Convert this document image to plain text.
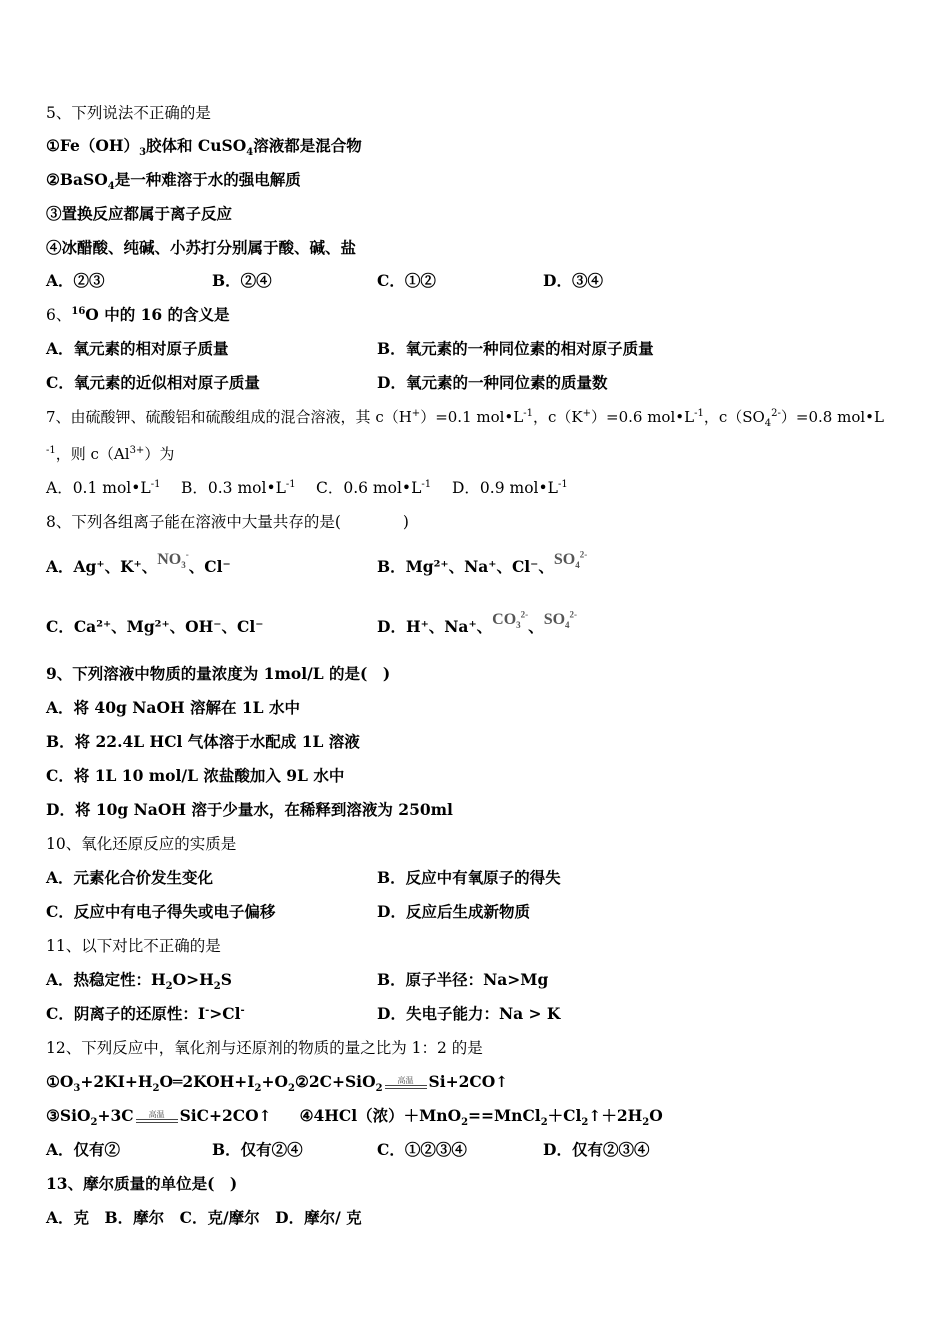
5、下列说法不正确的是
$①Fe(OH)_3$胶体和 CuSO$_4$溶液都是混合物
②BaSO$_4$是一种难溶于水的强电解质
③置换反应都属于离子反应
④冰醋酸、纯碱、小苏打分别属于酸、碱、盐
A．②③	B．②④	C．①②	D．③④
6、$^{16}$O 中的 16 的含义是
A．氧元素的相对原子质量	B．氧元素的一种同位素的相对原子质量
C．氧元素的近似相对原子质量	D．氧元素的一种同位素的质量数
7、由硫酸钾、硫酸铝和硫酸组成的混合溶液，其 c（H+）=0.1 $mol•L^{-1}$，c（K+）=0.6 $mol•L^{-1}$，$c(SO_4^{2-})=0.8$ mol•L
$^{-1}$，则 $c(Al^{3+})$为
A．0.1 $mol•L^{-1}$ B．0.3 $mol•L^{-1}$ C．0.6 $mol•L^{-1}$ D．0.9 $mol•L^{-1}$
8、下列各组离子能在溶液中大量共存的是(　　　　)
A．Ag⁺、K⁺、$NO_3^-$、Cl⁻	B．Mg²⁺、Na⁺、Cl⁻、$SO_4^{2-}$
C．Ca²⁺、Mg²⁺、OH⁻、Cl⁻	D．H⁺、Na⁺、$CO_3^{2-}$、$SO_4^{2-}$
9、下列溶液中物质的量浓度为 1mol/L 的是(　)
A．将 40g NaOH 溶解在 1L 水中
B．将 22.4L HCl 气体溶于水配成 1L 溶液
C．将 1L 10 mol/L 浓盐酸加入 9L 水中
D．将 10g NaOH 溶于少量水，在稀释到溶液为 250ml
10、氧化还原反应的实质是
A．元素化合价发生变化	B．反应中有氧原子的得失
C．反应中有电子得失或电子偏移	D．反应后生成新物质
11、以下对比不正确的是
A．热稳定性：$H_2O>H_2S$	B．原子半径：Na>Mg
C．阴离子的还原性：I->Cl-	D．失电子能力：Na > K
12、下列反应中，氧化剂与还原剂的物质的量之比为 1：2 的是
$①O_3+2KI+H_2O═2KOH+I_2+O_2②2C+SiO_2$
高温 Si+2CO↑
③SiO$_2$+3C	高温 SiC+2CO↑ ④4HCl（浓）$+MnO_2==MnCl_2+Cl_2↑+2H_2O$
A．仅有②	B．仅有②④	C．①②③④	D．仅有②③④
13、摩尔质量的单位是(　)
A．克　B．摩尔　C．克/摩尔　D．摩尔/ 克
